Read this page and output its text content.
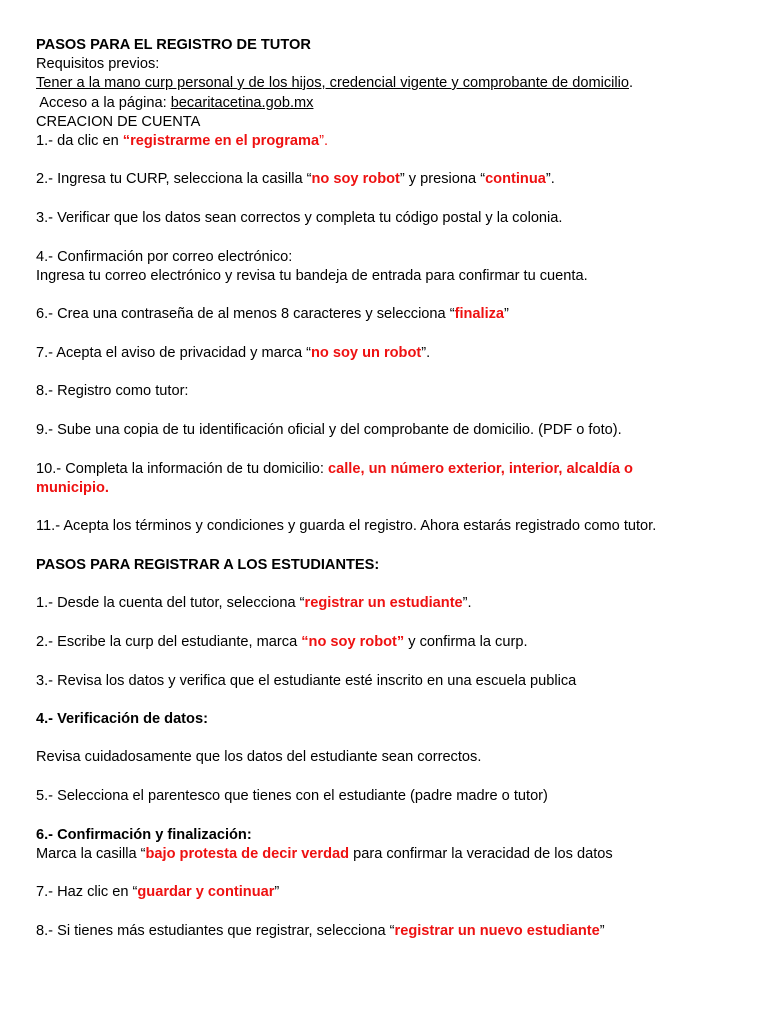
PASOS PARA EL REGISTRO DE TUTOR
Requisitos previos:
Tener a la mano curp personal y de los hijos, credencial vigente y comprobante de domicilio.
Acceso a la página: becaritacetina.gob.mx
CREACION DE CUENTA
1.- da clic en “registrarme en el programa”.
2.- Ingresa tu CURP, selecciona la casilla “no soy robot” y presiona “continua”.
3.- Verificar que los datos sean correctos y completa tu código postal y la colonia.
4.- Confirmación por correo electrónico:
Ingresa tu correo electrónico y revisa tu bandeja de entrada para confirmar tu cuenta.
6.- Crea una contraseña de al menos 8 caracteres y selecciona “finaliza”
7.- Acepta el aviso de privacidad y marca “no soy un robot”.
8.- Registro como tutor:
9.- Sube una copia de tu identificación oficial y del comprobante de domicilio. (PDF o foto).
10.- Completa la información de tu domicilio: calle, un número exterior, interior, alcaldía o municipio.
11.- Acepta los términos y condiciones y guarda el registro. Ahora estarás registrado como tutor.
PASOS PARA REGISTRAR A LOS ESTUDIANTES:
1.- Desde la cuenta del tutor, selecciona “registrar un estudiante”.
2.- Escribe la curp del estudiante, marca “no soy robot” y confirma la curp.
3.- Revisa los datos y verifica que el estudiante esté inscrito en una escuela publica
4.- Verificación de datos:
Revisa cuidadosamente que los datos del estudiante sean correctos.
5.- Selecciona el parentesco que tienes con el estudiante (padre madre o tutor)
6.- Confirmación y finalización:
Marca la casilla “bajo protesta de decir verdad para confirmar la veracidad de los datos
7.- Haz clic en “guardar y continuar”
8.- Si tienes más estudiantes que registrar, selecciona “registrar un nuevo estudiante”
